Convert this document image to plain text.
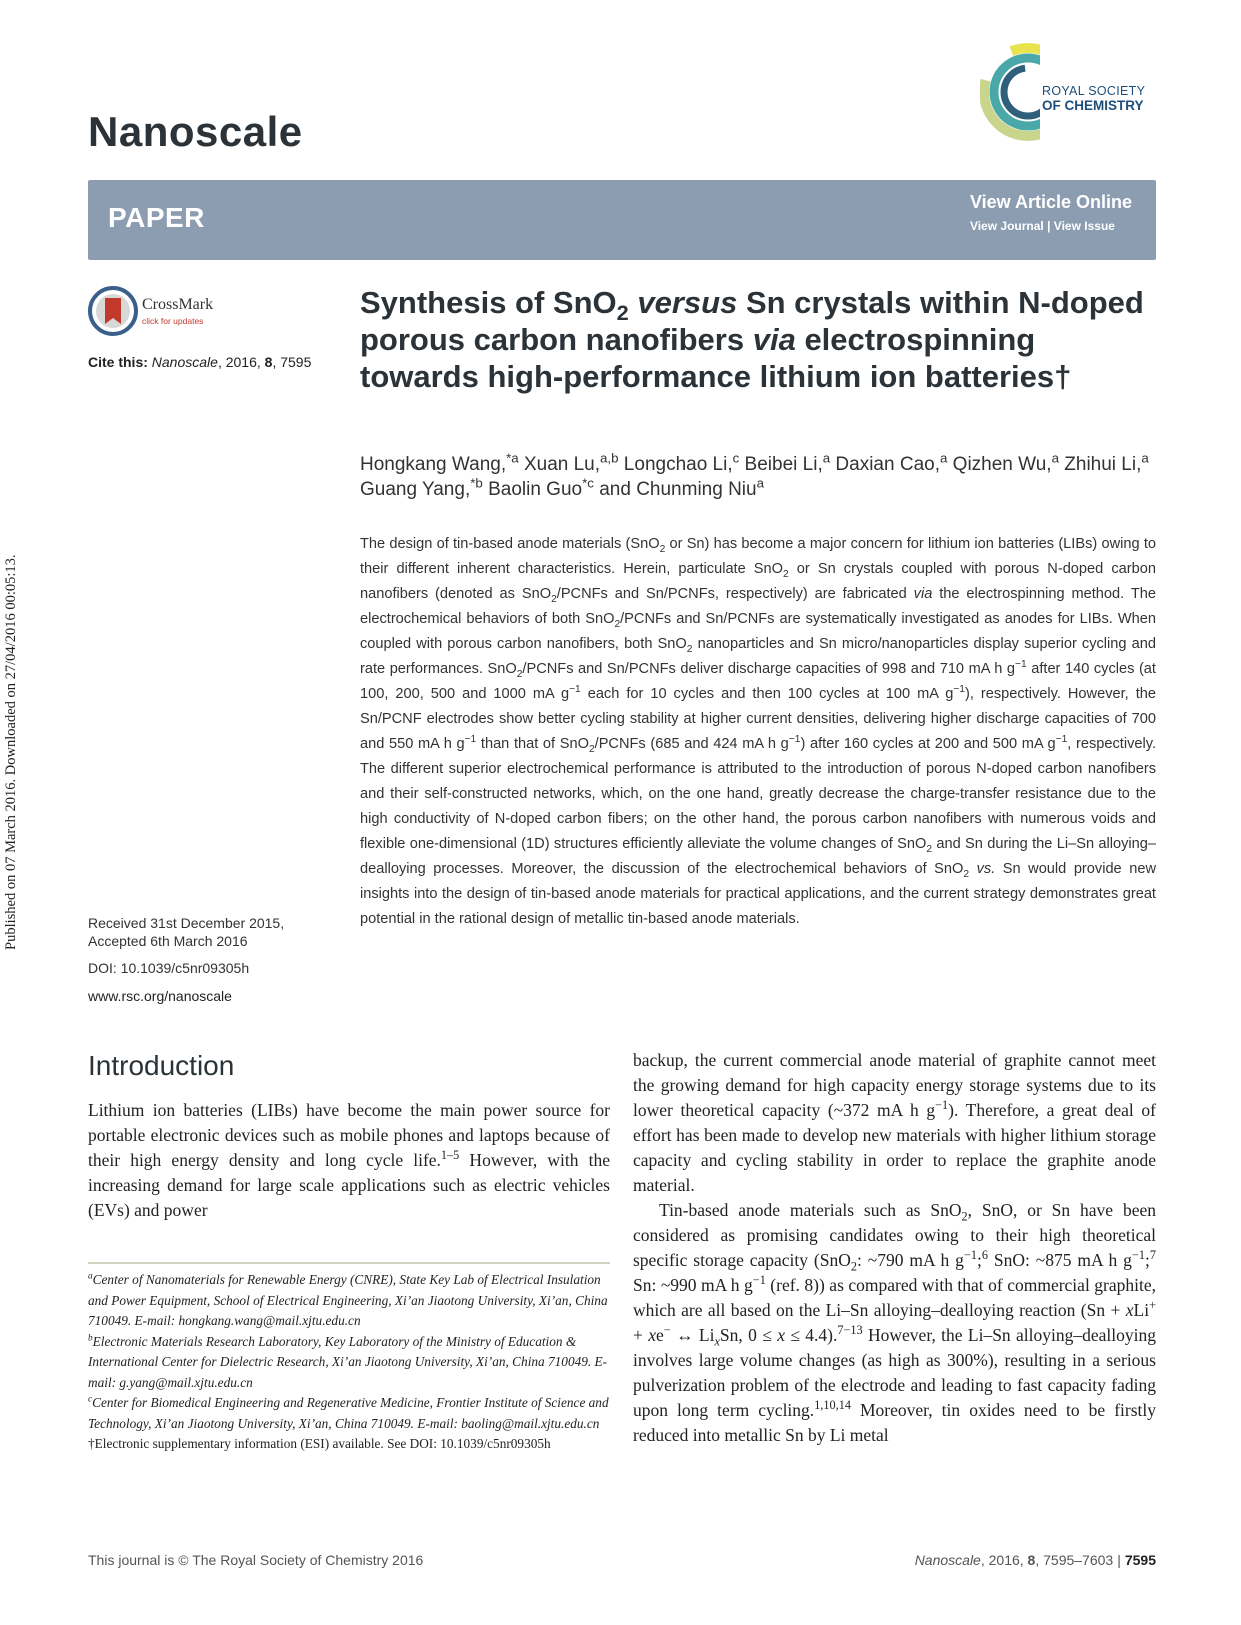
Published on 07 March 2016. Downloaded on 27/04/2016 00:05:13.
Nanoscale
ROYAL SOCIETY
OF CHEMISTRY
PAPER	View Article Online
View Journal | View Issue
CrossMark
click for updates
Cite this: Nanoscale, 2016, 8, 7595
Received 31st December 2015,
Accepted 6th March 2016
DOI: 10.1039/c5nr09305h
www.rsc.org/nanoscale
Synthesis of SnO$_2$ versus Sn crystals within N-doped porous carbon nanofibers via electrospinning towards high-performance lithium ion batteries†
Hongkang Wang,$^{*a}$ Xuan Lu,$^{a,b}$ Longchao Li,$^c$ Beibei Li,$^a$ Daxian Cao,$^a$ Qizhen Wu,$^a$ Zhihui Li,$^a$ Guang Yang,$^{*b}$ Baolin Guo$^{*c}$ and Chunming Niu$^a$
The design of tin-based anode materials (SnO$_2$ or Sn) has become a major concern for lithium ion batteries (LIBs) owing to their different inherent characteristics. Herein, particulate SnO$_2$ or Sn crystals coupled with porous N-doped carbon nanofibers (denoted as SnO$_2$/PCNFs and Sn/PCNFs, respectively) are fabricated via the electrospinning method. The electrochemical behaviors of both SnO$_2$/PCNFs and Sn/PCNFs are systematically investigated as anodes for LIBs. When coupled with porous carbon nanofibers, both SnO$_2$ nanoparticles and Sn micro/nanoparticles display superior cycling and rate performances. SnO$_2$/PCNFs and Sn/PCNFs deliver discharge capacities of 998 and 710 mA h $g^{-1}$ after 140 cycles (at 100, 200, 500 and 1000 mA $g^{-1}$ each for 10 cycles and then 100 cycles at 100 mA $g^{-1}$), respectively. However, the Sn/PCNF electrodes show better cycling stability at higher current densities, delivering higher discharge capacities of 700 and 550 mA h $g^{-1}$ than that of SnO$_2$/PCNFs (685 and 424 mA h $g^{-1}$) after 160 cycles at 200 and 500 mA $g^{-1}$, respectively. The different superior electrochemical performance is attributed to the introduction of porous N-doped carbon nanofibers and their self-constructed networks, which, on the one hand, greatly decrease the charge-transfer resistance due to the high conductivity of N-doped carbon fibers; on the other hand, the porous carbon nanofibers with numerous voids and flexible one-dimensional (1D) structures efficiently alleviate the volume changes of SnO$_2$ and Sn during the Li–Sn alloying–dealloying processes. Moreover, the discussion of the electrochemical behaviors of SnO$_2$ vs. Sn would provide new insights into the design of tin-based anode materials for practical applications, and the current strategy demonstrates great potential in the rational design of metallic tin-based anode materials.
Introduction
Lithium ion batteries (LIBs) have become the main power source for portable electronic devices such as mobile phones and laptops because of their high energy density and long cycle life.$^{1-5}$ However, with the increasing demand for large scale applications such as electric vehicles (EVs) and power

backup, the current commercial anode material of graphite cannot meet the growing demand for high capacity energy storage systems due to its lower theoretical capacity (~372 mA h $g^{-1}$). Therefore, a great deal of effort has been made to develop new materials with higher lithium storage capacity and cycling stability in order to replace the graphite anode material.

Tin-based anode materials such as SnO$_2$, SnO, or Sn have been considered as promising candidates owing to their high theoretical specific storage capacity (SnO$_2$: ~790 mA h $g^{-1};^6$ SnO: ~875 mA h $g^{-1};^7$ Sn: ~990 mA h $g^{-1}$ (ref. 8)) as compared with that of commercial graphite, which are all based on the Li–Sn alloying–dealloying reaction (Sn + xLi+ + xe− ↔ $Li_xSn$, 0 ≤ x ≤ 4.4).$^{7-13}$ However, the Li–Sn alloying–dealloying involves large volume changes (as high as 300%), resulting in a serious pulverization problem of the electrode and leading to fast capacity fading upon long term cycling.$^{1,10,14}$ Moreover, tin oxides need to be firstly reduced into metallic Sn by Li metal

$^a$Center of Nanomaterials for Renewable Energy (CNRE), State Key Lab of Electrical Insulation and Power Equipment, School of Electrical Engineering, Xi’an Jiaotong University, Xi’an, China 710049. E-mail: hongkang.wang@mail.xjtu.edu.cn
$^b$Electronic Materials Research Laboratory, Key Laboratory of the Ministry of Education & International Center for Dielectric Research, Xi’an Jiaotong University, Xi’an, China 710049. E-mail: g.yang@mail.xjtu.edu.cn
$^c$Center for Biomedical Engineering and Regenerative Medicine, Frontier Institute of Science and Technology, Xi’an Jiaotong University, Xi’an, China 710049. E-mail: baoling@mail.xjtu.edu.cn
†Electronic supplementary information (ESI) available. See DOI: 10.1039/c5nr09305h
This journal is © The Royal Society of Chemistry 2016	Nanoscale, 2016, 8, 7595–7603 | 7595
